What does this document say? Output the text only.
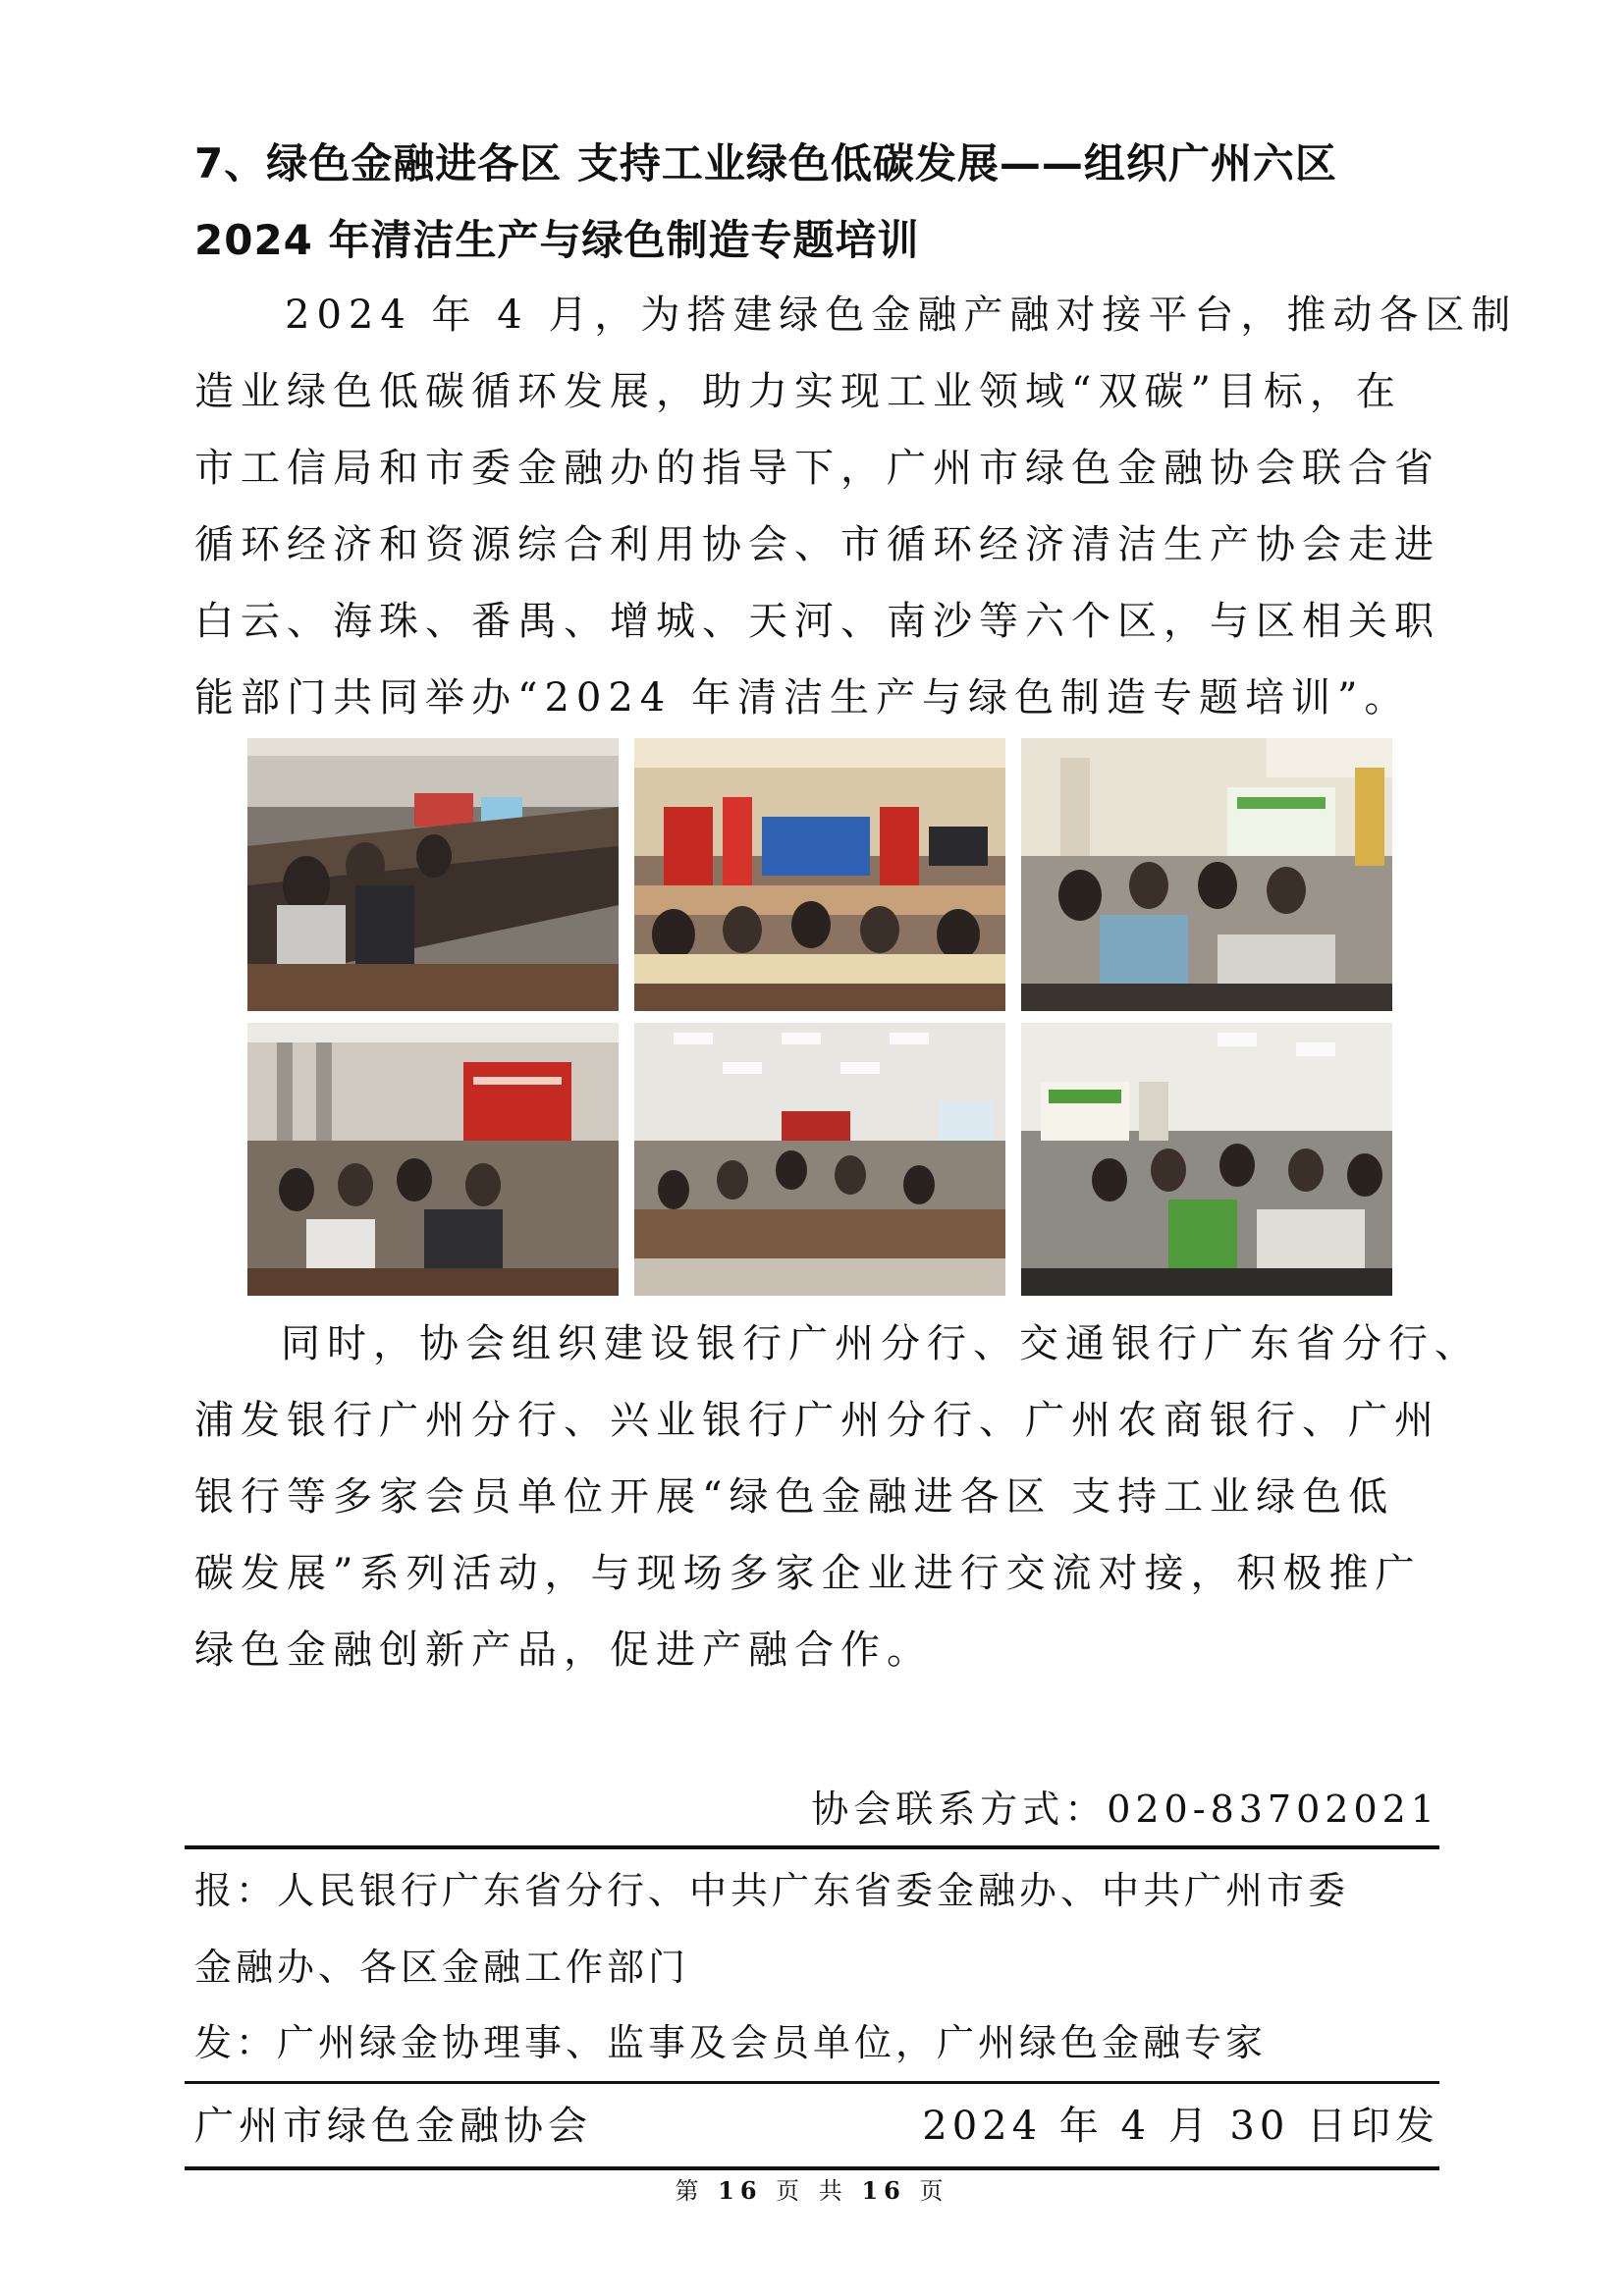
7、绿色金融进各区 支持工业绿色低碳发展——组织广州六区
2024 年清洁生产与绿色制造专题培训
2024 年 4 月，为搭建绿色金融产融对接平台，推动各区制
造业绿色低碳循环发展，助力实现工业领域“双碳”目标，在
市工信局和市委金融办的指导下，广州市绿色金融协会联合省
循环经济和资源综合利用协会、市循环经济清洁生产协会走进
白云、海珠、番禺、增城、天河、南沙等六个区，与区相关职
能部门共同举办“2024 年清洁生产与绿色制造专题培训”。
同时，协会组织建设银行广州分行、交通银行广东省分行、
浦发银行广州分行、兴业银行广州分行、广州农商银行、广州
银行等多家会员单位开展“绿色金融进各区 支持工业绿色低
碳发展”系列活动，与现场多家企业进行交流对接，积极推广
绿色金融创新产品，促进产融合作。
协会联系方式：020-83702021
报：人民银行广东省分行、中共广东省委金融办、中共广州市委
金融办、各区金融工作部门
发：广州绿金协理事、监事及会员单位，广州绿色金融专家
广州市绿色金融协会	2024 年 4 月 30 日印发
第 16 页 共 16 页
